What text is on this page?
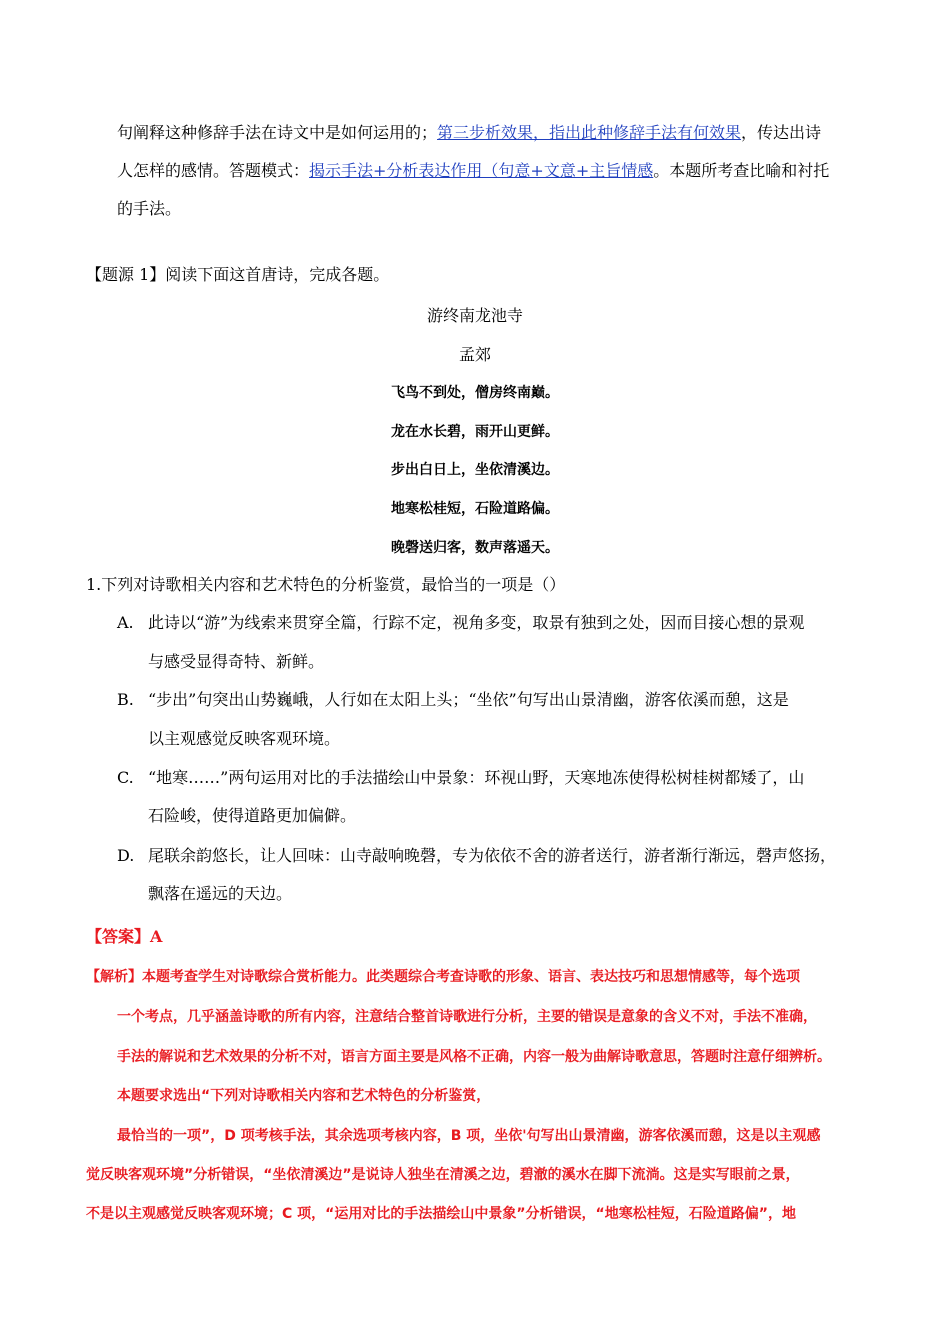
句阐释这种修辞手法在诗文中是如何运用的；第三步析效果，指出此种修辞手法有何效果，传达出诗
人怎样的感情。答题模式：揭示手法+分析表达作用（句意+文意+主旨情感。本题所考查比喻和衬托
的手法。
【题源 1】阅读下面这首唐诗，完成各题。
游终南龙池寺
孟郊
飞鸟不到处，僧房终南巅。
龙在水长碧，雨开山更鲜。
步出白日上，坐依清溪边。
地寒松桂短，石险道路偏。
晚磬送归客，数声落遥天。
1.下列对诗歌相关内容和艺术特色的分析鉴赏，最恰当的一项是（）
A. 此诗以“游”为线索来贯穿全篇，行踪不定，视角多变，取景有独到之处，因而目接心想的景观
与感受显得奇特、新鲜。
B. “步出”句突出山势巍峨，人行如在太阳上头；“坐依”句写出山景清幽，游客依溪而憩，这是
以主观感觉反映客观环境。
C. “地寒……”两句运用对比的手法描绘山中景象：环视山野，天寒地冻使得松树桂树都矮了，山
石险峻，使得道路更加偏僻。
D. 尾联余韵悠长，让人回味：山寺敲响晚磬，专为依依不舍的游者送行，游者渐行渐远，磬声悠扬，
飘落在遥远的天边。
【答案】A
【解析】本题考查学生对诗歌综合赏析能力。此类题综合考查诗歌的形象、语言、表达技巧和思想情感等，每个选项
一个考点，几乎涵盖诗歌的所有内容，注意结合整首诗歌进行分析，主要的错误是意象的含义不对，手法不准确，
手法的解说和艺术效果的分析不对，语言方面主要是风格不正确，内容一般为曲解诗歌意思，答题时注意仔细辨析。
本题要求选出“下列对诗歌相关内容和艺术特色的分析鉴赏，
最恰当的一项”，D 项考核手法，其余选项考核内容，B 项，坐依'句写出山景清幽，游客依溪而憩，这是以主观感
觉反映客观环境”分析错误，“坐依清溪边”是说诗人独坐在清溪之边，碧澈的溪水在脚下流淌。这是实写眼前之景，
不是以主观感觉反映客观环境；C 项，“运用对比的手法描绘山中景象”分析错误，“地寒松桂短，石险道路偏”，地
